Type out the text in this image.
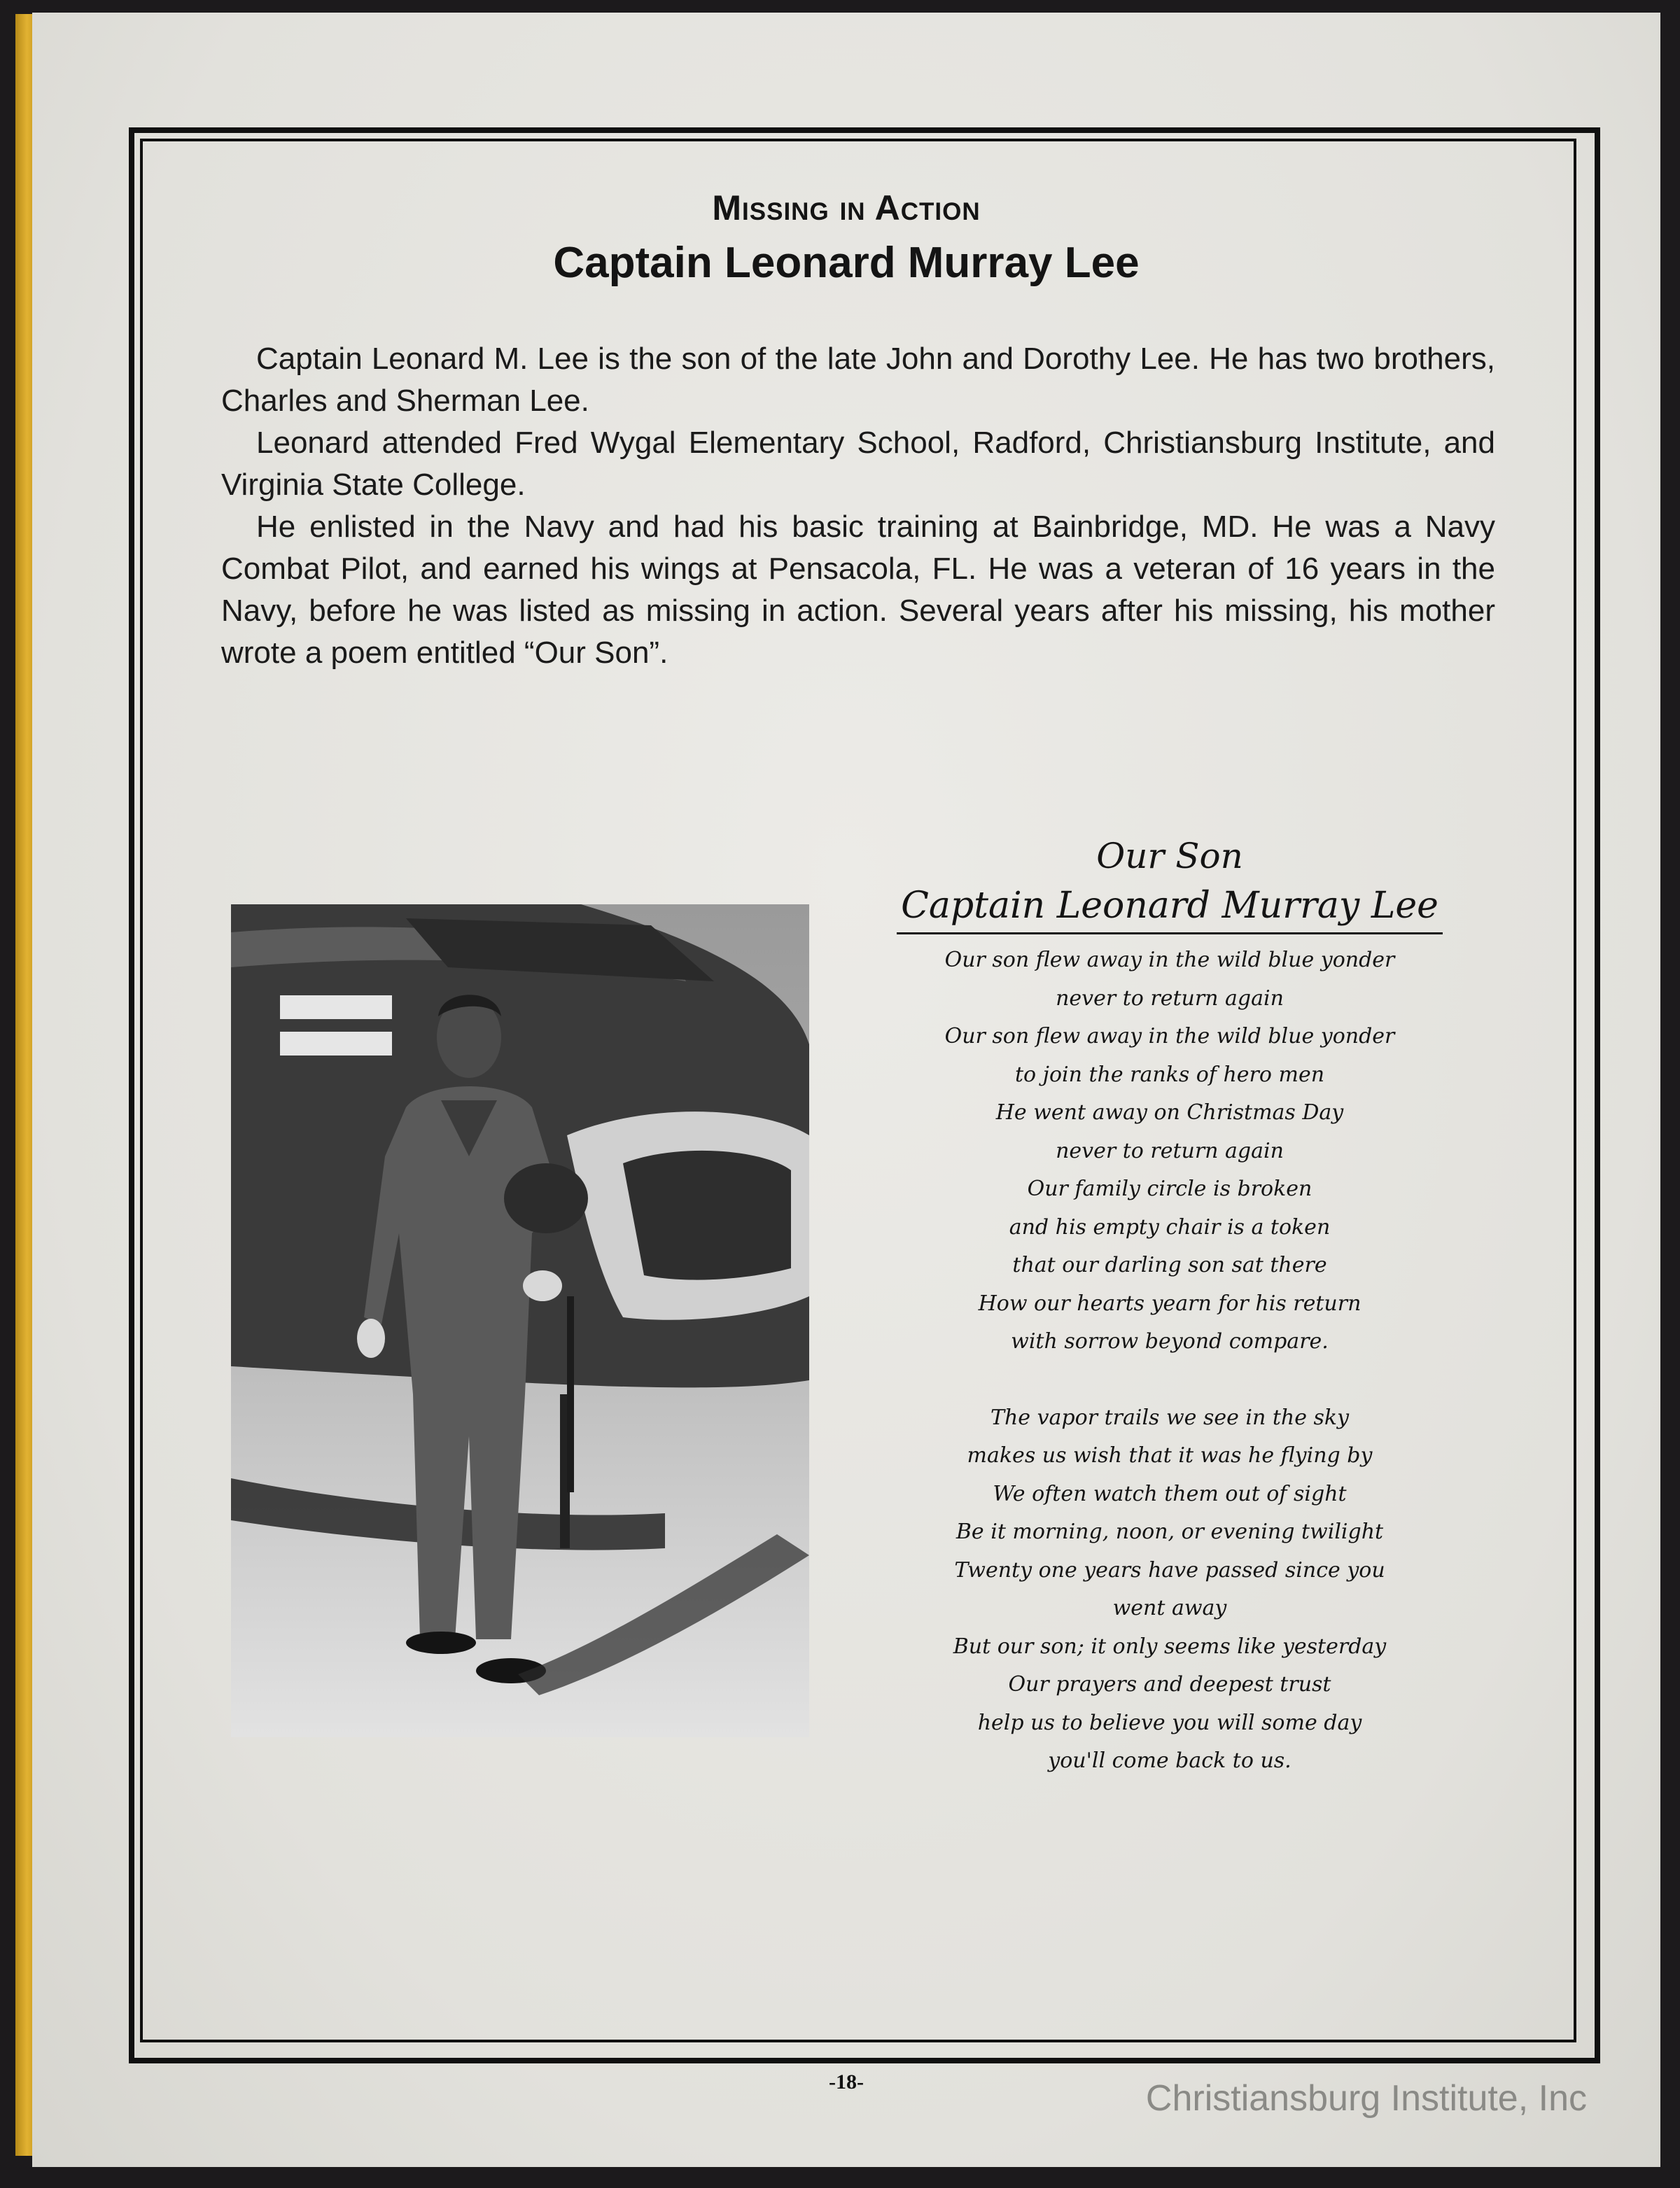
Missing in Action
Captain Leonard Murray Lee

Captain Leonard M. Lee is the son of the late John and Dorothy Lee. He has two brothers, Charles and Sherman Lee.

Leonard attended Fred Wygal Elementary School, Radford, Christiansburg Institute, and Virginia State College.

He enlisted in the Navy and had his basic training at Bainbridge, MD. He was a Navy Combat Pilot, and earned his wings at Pensacola, FL. He was a veteran of 16 years in the Navy, before he was listed as missing in action. Several years after his missing, his mother wrote a poem entitled “Our Son”.

Our Son
Captain Leonard Murray Lee
Our son flew away in the wild blue yonder
never to return again
Our son flew away in the wild blue yonder
to join the ranks of hero men
He went away on Christmas Day
never to return again
Our family circle is broken
and his empty chair is a token
that our darling son sat there
How our hearts yearn for his return
with sorrow beyond compare.
The vapor trails we see in the sky
makes us wish that it was he flying by
We often watch them out of sight
Be it morning, noon, or evening twilight
Twenty one years have passed since you
went away
But our son; it only seems like yesterday
Our prayers and deepest trust
help us to believe you will some day
you'll come back to us.
-18-	Christiansburg Institute, Inc
